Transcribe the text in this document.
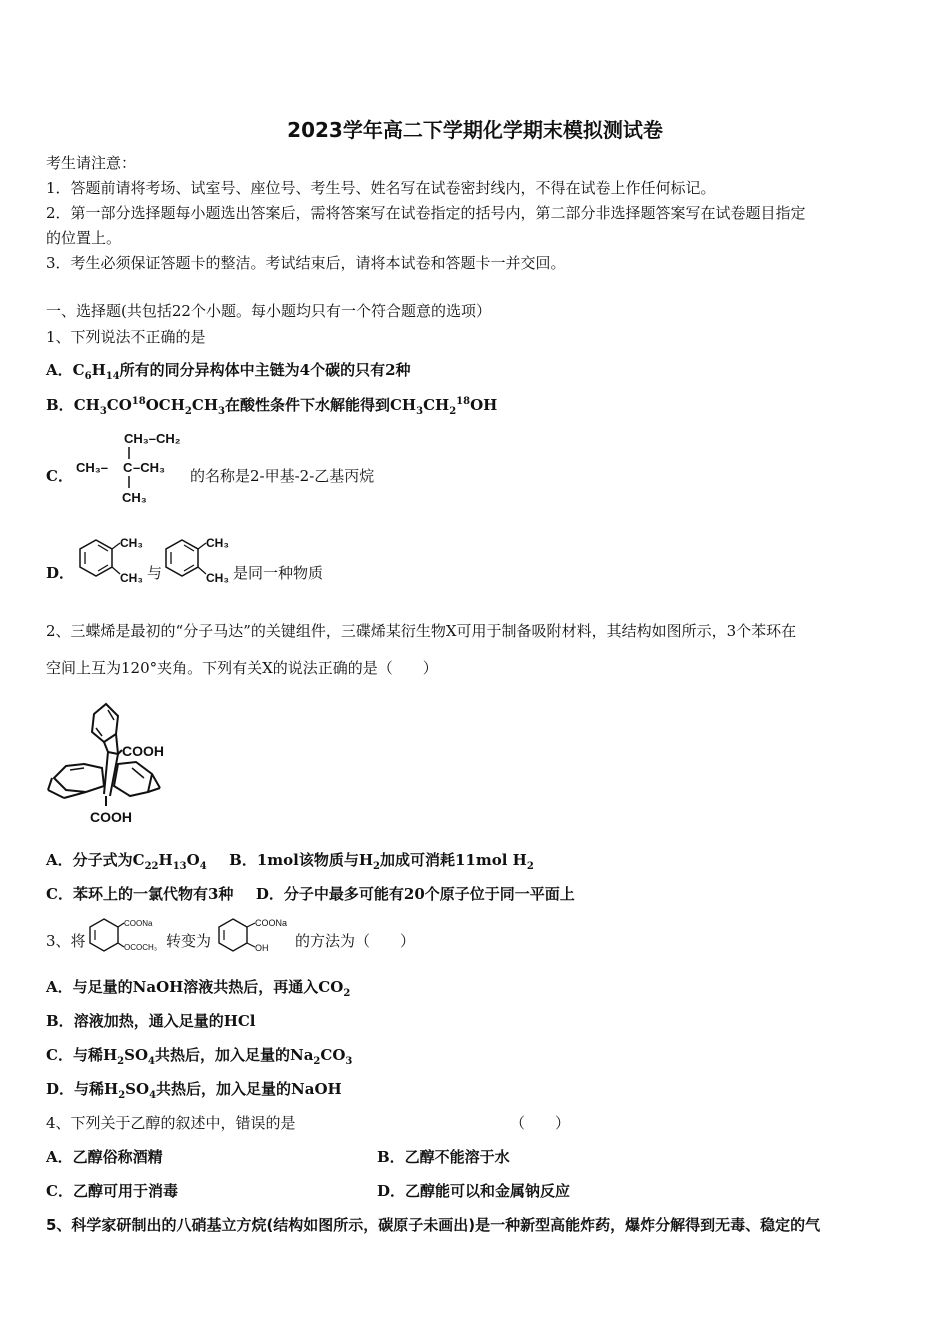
2023学年高二下学期化学期末模拟测试卷
考生请注意：
1．答题前请将考场、试室号、座位号、考生号、姓名写在试卷密封线内，不得在试卷上作任何标记。
2．第一部分选择题每小题选出答案后，需将答案写在试卷指定的括号内，第二部分非选择题答案写在试卷题目指定
的位置上。
3．考生必须保证答题卡的整洁。考试结束后，请将本试卷和答题卡一并交回。
一、选择题(共包括22个小题。每小题均只有一个符合题意的选项）
1、下列说法不正确的是
A．$C_6H_{14}$所有的同分异构体中主链为4个碳的只有2种
B．$CH_3CO^{18}OCH_2CH_3$在酸性条件下水解能得到$CH_3CH_2^{18}OH$
C．
CH₃–CH₂
CH₃– C –CH₃
CH₃
的名称是2-甲基-2-乙基丙烷
D．
CH₃
CH₃ 与
CH₃
CH₃ 是同一种物质
2、三蝶烯是最初的“分子马达”的关键组件，三碟烯某衍生物X可用于制备吸附材料，其结构如图所示，3个苯环在
空间上互为120°夹角。下列有关X的说法正确的是（　　）
COOH
COOH
A．分子式为$C_{22}H_{13}O_4$ B．1mol该物质与$H_2$加成可消耗11mol $H_2$
C．苯环上的一氯代物有3种 D．分子中最多可能有20个原子位于同一平面上
3、将
COONa
OCOCH₃ 转变为
COONa
OH 的方法为（　　）
A．与足量的NaOH溶液共热后，再通入$CO_2$
B．溶液加热，通入足量的HCl
C．与稀$H_2SO_4$共热后，加入足量的$Na_2CO_3$
D．与稀$H_2SO_4$共热后，加入足量的NaOH
4、下列关于乙醇的叙述中，错误的是	（　　）
A．乙醇俗称酒精	B．乙醇不能溶于水
C．乙醇可用于消毒	D．乙醇能可以和金属钠反应
5、科学家研制出的八硝基立方烷(结构如图所示，碳原子未画出)是一种新型高能炸药，爆炸分解得到无毒、稳定的气
